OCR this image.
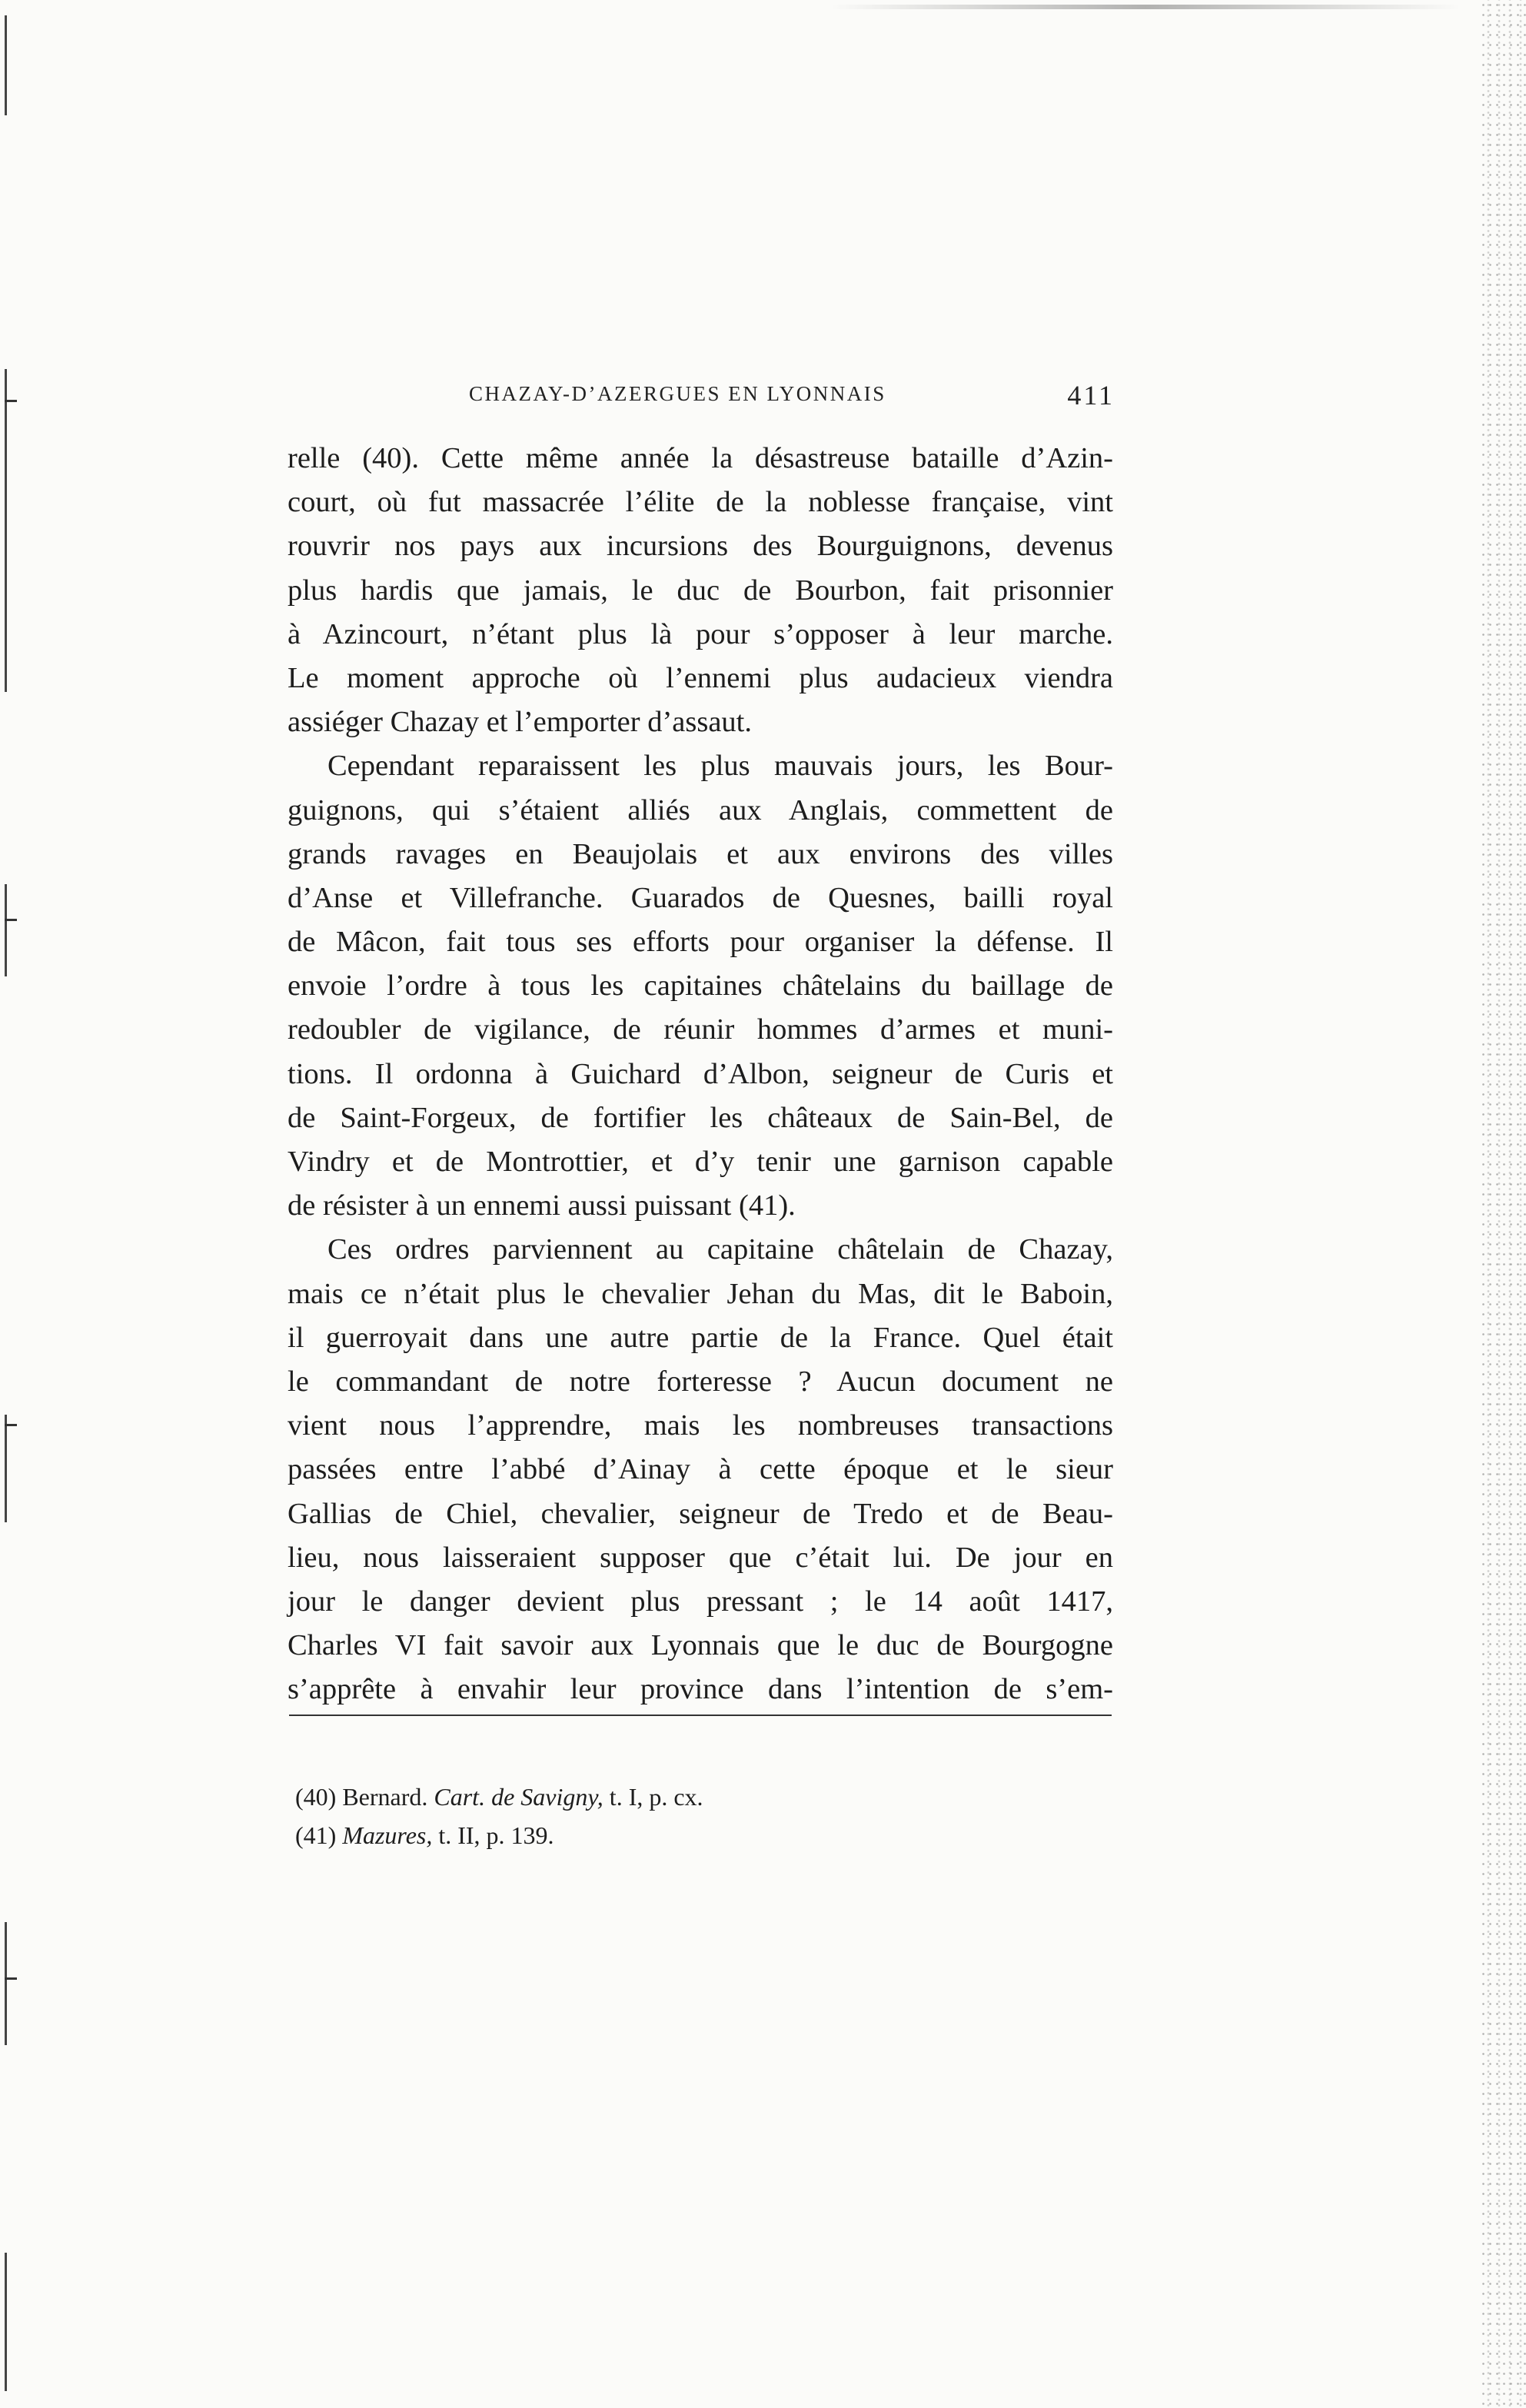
CHAZAY-D’AZERGUES EN LYONNAIS	411
relle (40). Cette même année la désastreuse bataille d’Azin-
court, où fut massacrée l’élite de la noblesse française, vint
rouvrir nos pays aux incursions des Bourguignons, devenus
plus hardis que jamais, le duc de Bourbon, fait prisonnier
à Azincourt, n’étant plus là pour s’opposer à leur marche.
Le moment approche où l’ennemi plus audacieux viendra
assiéger Chazay et l’emporter d’assaut.
Cependant reparaissent les plus mauvais jours, les Bour-
guignons, qui s’étaient alliés aux Anglais, commettent de
grands ravages en Beaujolais et aux environs des villes
d’Anse et Villefranche. Guarados de Quesnes, bailli royal
de Mâcon, fait tous ses efforts pour organiser la défense. Il
envoie l’ordre à tous les capitaines châtelains du baillage de
redoubler de vigilance, de réunir hommes d’armes et muni-
tions. Il ordonna à Guichard d’Albon, seigneur de Curis et
de Saint-Forgeux, de fortifier les châteaux de Sain-Bel, de
Vindry et de Montrottier, et d’y tenir une garnison capable
de résister à un ennemi aussi puissant (41).
Ces ordres parviennent au capitaine châtelain de Chazay,
mais ce n’était plus le chevalier Jehan du Mas, dit le Baboin,
il guerroyait dans une autre partie de la France. Quel était
le commandant de notre forteresse ? Aucun document ne
vient nous l’apprendre, mais les nombreuses transactions
passées entre l’abbé d’Ainay à cette époque et le sieur
Gallias de Chiel, chevalier, seigneur de Tredo et de Beau-
lieu, nous laisseraient supposer que c’était lui. De jour en
jour le danger devient plus pressant ; le 14 août 1417,
Charles VI fait savoir aux Lyonnais que le duc de Bourgogne
s’apprête à envahir leur province dans l’intention de s’em-
(40) Bernard. Cart. de Savigny, t. I, p. cx.
(41) Mazures, t. II, p. 139.
